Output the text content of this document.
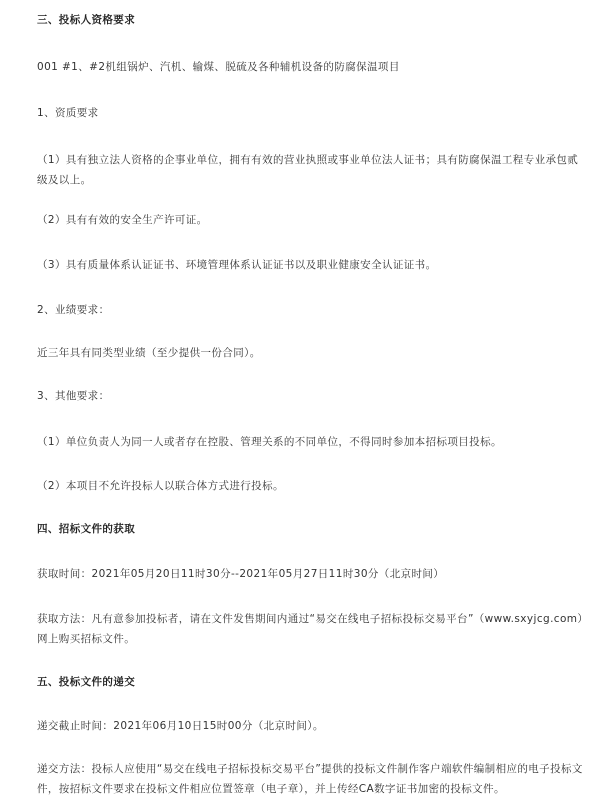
三、投标人资格要求
001 #1、#2机组锅炉、汽机、输煤、脱硫及各种辅机设备的防腐保温项目
1、资质要求
（1）具有独立法人资格的企事业单位，拥有有效的营业执照或事业单位法人证书；具有防腐保温工程专业承包贰级及以上。
（2）具有有效的安全生产许可证。
（3）具有质量体系认证证书、环境管理体系认证证书以及职业健康安全认证证书。
2、业绩要求：
近三年具有同类型业绩（至少提供一份合同）。
3、其他要求：
（1）单位负责人为同一人或者存在控股、管理关系的不同单位，不得同时参加本招标项目投标。
（2）本项目不允许投标人以联合体方式进行投标。
四、招标文件的获取
获取时间：2021年05月20日11时30分--2021年05月27日11时30分（北京时间）
获取方法：凡有意参加投标者，请在文件发售期间内通过“易交在线电子招标投标交易平台”（www.sxyjcg.com）网上购买招标文件。
五、投标文件的递交
递交截止时间：2021年06月10日15时00分（北京时间）。
递交方法：投标人应使用“易交在线电子招标投标交易平台”提供的投标文件制作客户端软件编制相应的电子投标文件，按招标文件要求在投标文件相应位置签章（电子章），并上传经CA数字证书加密的投标文件。
